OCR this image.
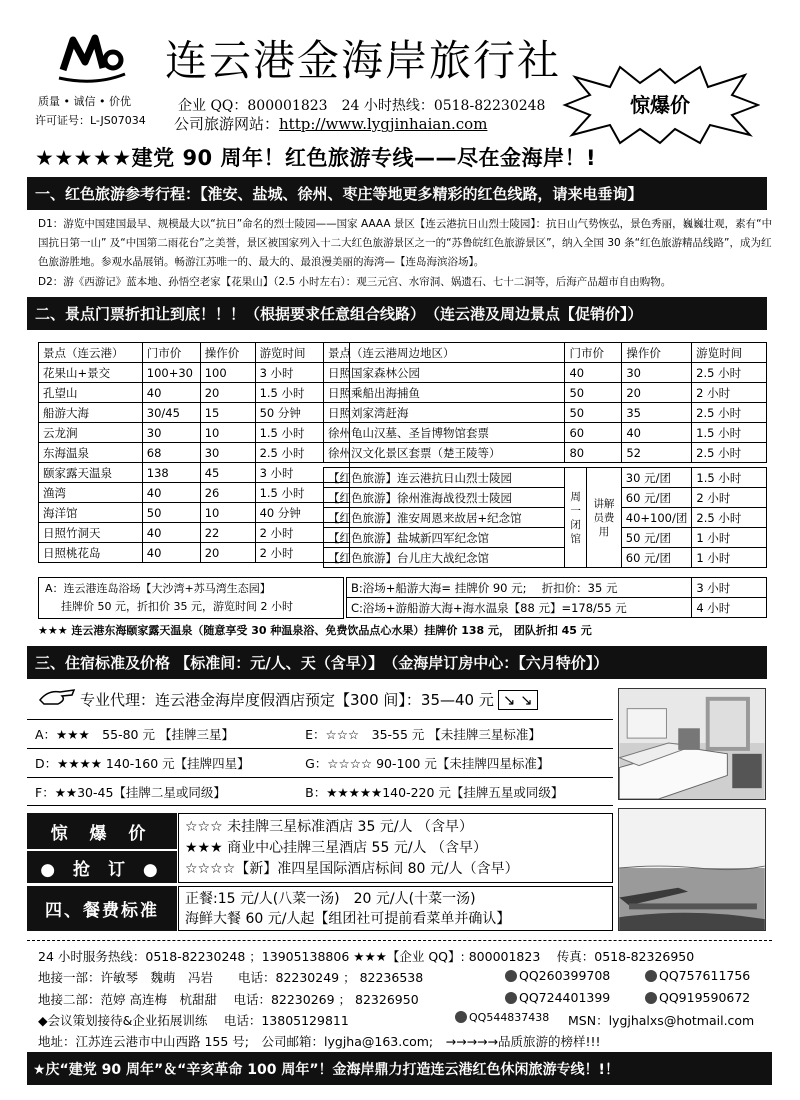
连云港金海岸旅行社
质量 • 诚信 • 价优
许可证号：L-JS07034
企业 QQ：800001823　24 小时热线：0518-82230248
公司旅游网站：http://www.lygjinhaian.com
惊爆价
★★★★★建党 90 周年！红色旅游专线——尽在金海岸！!
一、红色旅游参考行程：【淮安、盐城、徐州、枣庄等地更多精彩的红色线路，请来电垂询】
D1：游览中国建国最早、规模最大以“抗日”命名的烈士陵园——国家 AAAA 景区【连云港抗日山烈士陵园】：抗日山气势恢弘，景色秀丽，巍巍壮观，素有“中国抗日第一山” 及“中国第二雨花台”之美誉，景区被国家列入十二大红色旅游景区之一的“苏鲁皖红色旅游景区”，纳入全国 30 条“红色旅游精品线路”，成为红色旅游胜地。参观水晶展销。畅游江苏唯一的、最大的、最浪漫美丽的海湾—【连岛海滨浴场】。
D2：游《西游记》蓝本地、孙悟空老家【花果山】（2.5 小时左右）：观三元宫、水帘洞、娲遗石、七十二洞等，后海产品超市自由购物。
二、景点门票折扣让到底！！！（根据要求任意组合线路）　（连云港及周边景点【促销价】）
景点（连云港）	门市价	操作价	游览时间
花果山+景交	100+30	100	3 小时
孔望山	40	20	1.5 小时
船游大海	30/45	15	50 分钟
云龙涧	30	10	1.5 小时
东海温泉	68	30	2.5 小时
颐家露天温泉	138	45	3 小时
渔湾	40	26	1.5 小时
海洋馆	50	10	40 分钟
日照竹洞天	40	22	2 小时
日照桃花岛	40	20	2 小时
景点（连云港周边地区）	门市价	操作价	游览时间
日照国家森林公园	40	30	2.5 小时
日照乘船出海捕鱼	50	20	2 小时
日照刘家湾赶海	50	35	2.5 小时
徐州龟山汉墓、圣旨博物馆套票	60	40	1.5 小时
徐州汉文化景区套票（楚王陵等）	80	52	2.5 小时
【红色旅游】连云港抗日山烈士陵园	周一闭馆	讲解员费用	30 元/团	1.5 小时
【红色旅游】徐州淮海战役烈士陵园			60 元/团	2 小时
【红色旅游】淮安周恩来故居+纪念馆			40+100/团	2.5 小时
【红色旅游】盐城新四军纪念馆			50 元/团	1 小时
【红色旅游】台儿庄大战纪念馆			60 元/团	1 小时
A：连云港连岛浴场【大沙湾+苏马湾生态园】
挂牌价 50 元，折扣价 35 元，游览时间 2 小时
B:浴场+船游大海= 挂牌价 90 元;　 折扣价：35 元	3 小时
C:浴场+游船游大海+海水温泉【88 元】=178/55 元	4 小时
★★★ 连云港东海颐家露天温泉（随意享受 30 种温泉浴、免费饮品点心水果）挂牌价 138 元， 团队折扣 45 元
三、住宿标准及价格 【标准间：元/人、天（含早）】　（金海岸订房中心：【六月特价】）
专业代理：连云港金海岸度假酒店预定【300 间】：35—40 元 ↘ ↘
A：★★★　55-80 元 【挂牌三星】	E：☆☆☆　35-55 元 【未挂牌三星标准】
D：★★★★ 140-160 元【挂牌四星】	G：☆☆☆☆ 90-100 元【未挂牌四星标准】
F：★★30-45【挂牌二星或同级】	B：★★★★★140-220 元【挂牌五星或同级】
惊 爆 价
● 抢 订 ●
☆☆☆ 未挂牌三星标准酒店 35 元/人 （含早）
★★★ 商业中心挂牌三星酒店 55 元/人 （含早）
☆☆☆☆【新】准四星国际酒店标间 80 元/人（含早）
四、餐费标准
正餐:15 元/人(八菜一汤)　20 元/人(十菜一汤)
海鲜大餐 60 元/人起【组团社可提前看菜单并确认】
24 小时服务热线：0518-82230248 ；13905138806 ★★★【企业 QQ】: 800001823　 传真：0518-82326950
地接一部：许敏琴　魏萌　冯岩　　电话：82230249 ； 82236538	QQ260399708	QQ757611756
地接二部：范婷 高连梅　杭甜甜　 电话：82230269 ； 82326950	QQ724401399	QQ919590672
◆会议策划接待&企业拓展训练　 电话：13805129811	QQ544837438 MSN：lygjhalxs@hotmail.com
地址：江苏连云港市中山西路 155 号;　公司邮箱：lygjha@163.com;　→→→→→品质旅游的榜样!!!
★庆“建党 90 周年”＆“辛亥革命 100 周年”！金海岸鼎力打造连云港红色休闲旅游专线！!！
